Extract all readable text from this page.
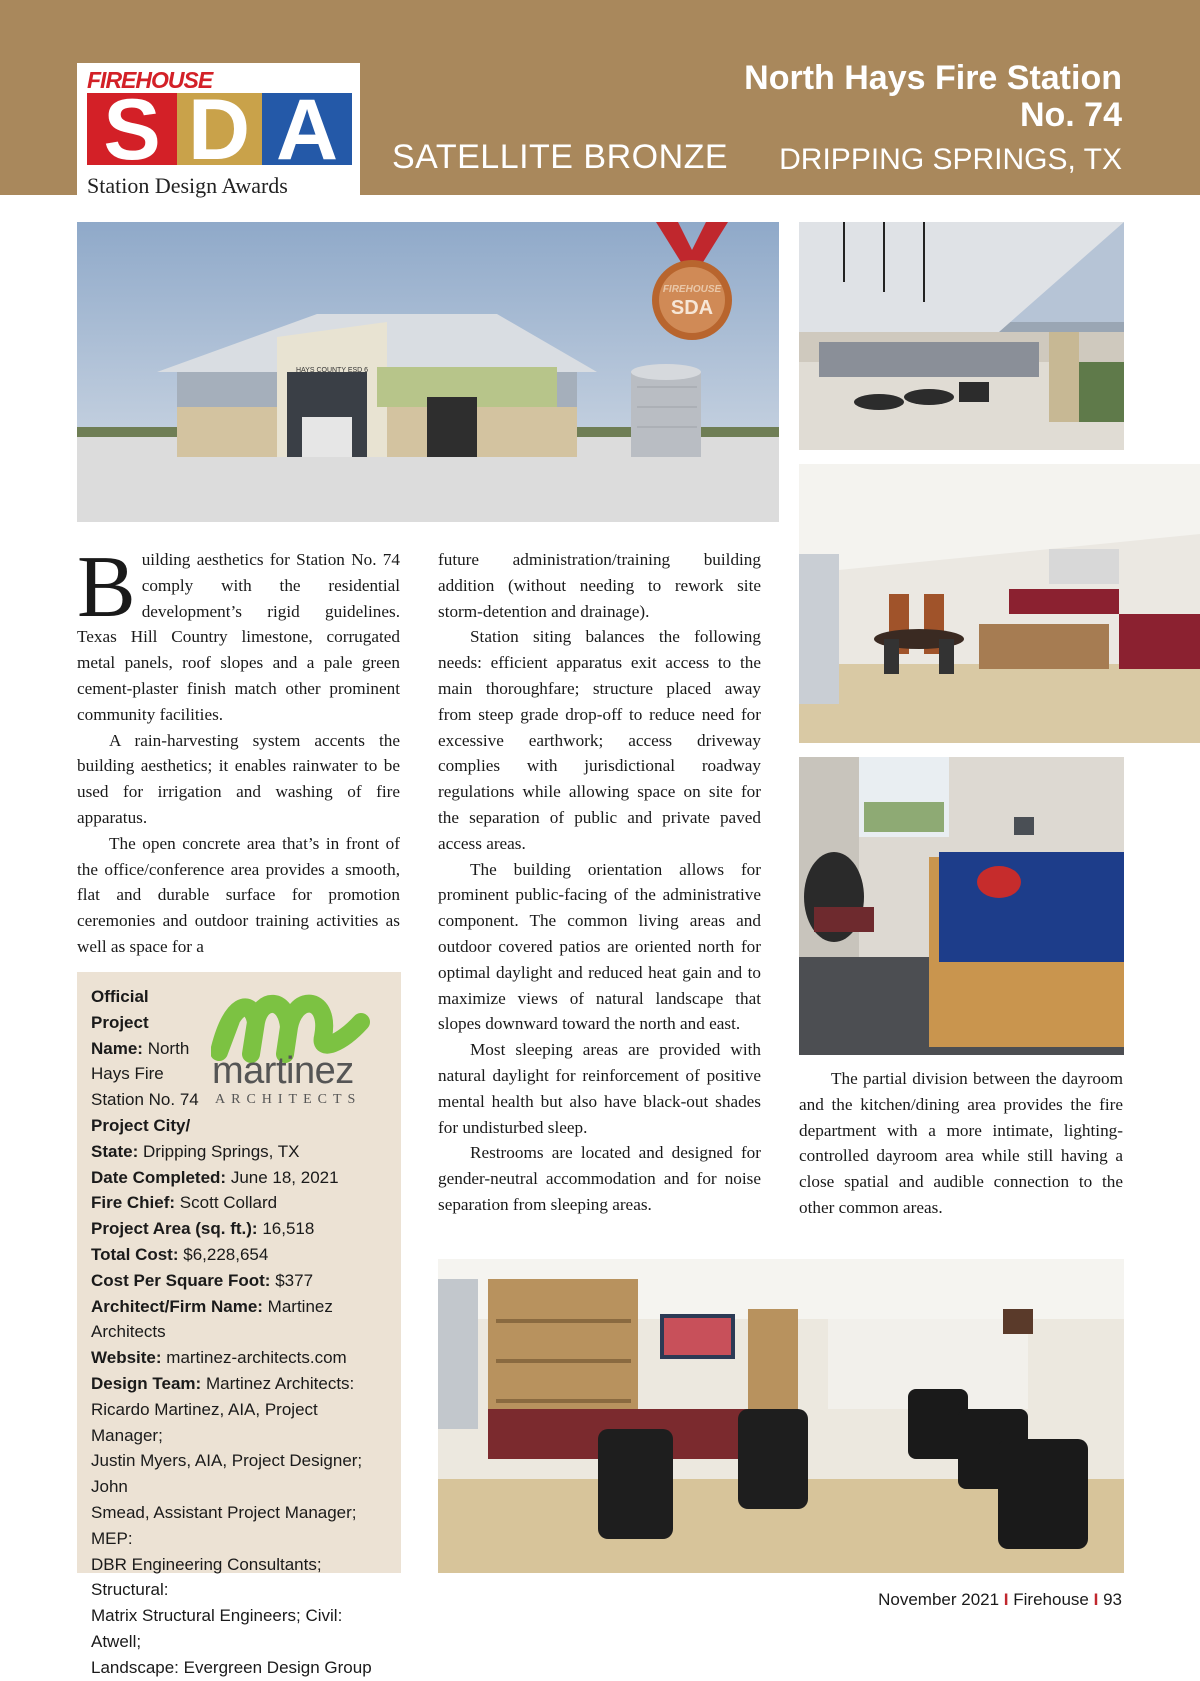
FIREHOUSE
S D A
Station Design Awards
SATELLITE BRONZE
North Hays Fire Station
No. 74
DRIPPING SPRINGS, TX
HAYS COUNTY ESD 6
FIREHOUSE
SDA

Building aesthetics for Station No. 74 comply with the residential development’s rigid guidelines. Texas Hill Country limestone, corrugated metal panels, roof slopes and a pale green cement-plaster finish match other prominent community facilities.

A rain-harvesting system accents the building aesthetics; it enables rainwater to be used for irrigation and washing of fire apparatus.

The open concrete area that’s in front of the office/conference area provides a smooth, flat and durable surface for promotion ceremonies and outdoor training activities as well as space for a

future administration/training building addition (without needing to rework site storm-detention and drainage).

Station siting balances the following needs: efficient apparatus exit access to the main thoroughfare; structure placed away from steep grade drop-off to reduce need for excessive earthwork; access driveway complies with jurisdictional roadway regulations while allowing space on site for the separation of public and private paved access areas.

The building orientation allows for prominent public-facing of the administrative component. The common living areas and outdoor covered patios are oriented north for optimal daylight and reduced heat gain and to maximize views of natural landscape that slopes downward toward the north and east.

Most sleeping areas are provided with natural daylight for reinforcement of positive mental health but also have black-out shades for undisturbed sleep.

Restrooms are located and designed for gender-neutral accommodation and for noise separation from sleeping areas.

The partial division between the dayroom and the kitchen/dining area provides the fire department with a more intimate, lighting-controlled dayroom area while still having a close spatial and audible connection to the other common areas.

martinez
ARCHITECTS
Official
Project
Name: North
Hays Fire
Station No. 74
Project City/
State: Dripping Springs, TX
Date Completed: June 18, 2021
Fire Chief: Scott Collard
Project Area (sq. ft.): 16,518
Total Cost: $6,228,654
Cost Per Square Foot: $377
Architect/Firm Name: Martinez
Architects
Website: martinez-architects.com
Design Team: Martinez Architects:
Ricardo Martinez, AIA, Project Manager;
Justin Myers, AIA, Project Designer; John
Smead, Assistant Project Manager; MEP:
DBR Engineering Consultants; Structural:
Matrix Structural Engineers; Civil: Atwell;
Landscape: Evergreen Design Group
November 2021 I Firehouse I 93
